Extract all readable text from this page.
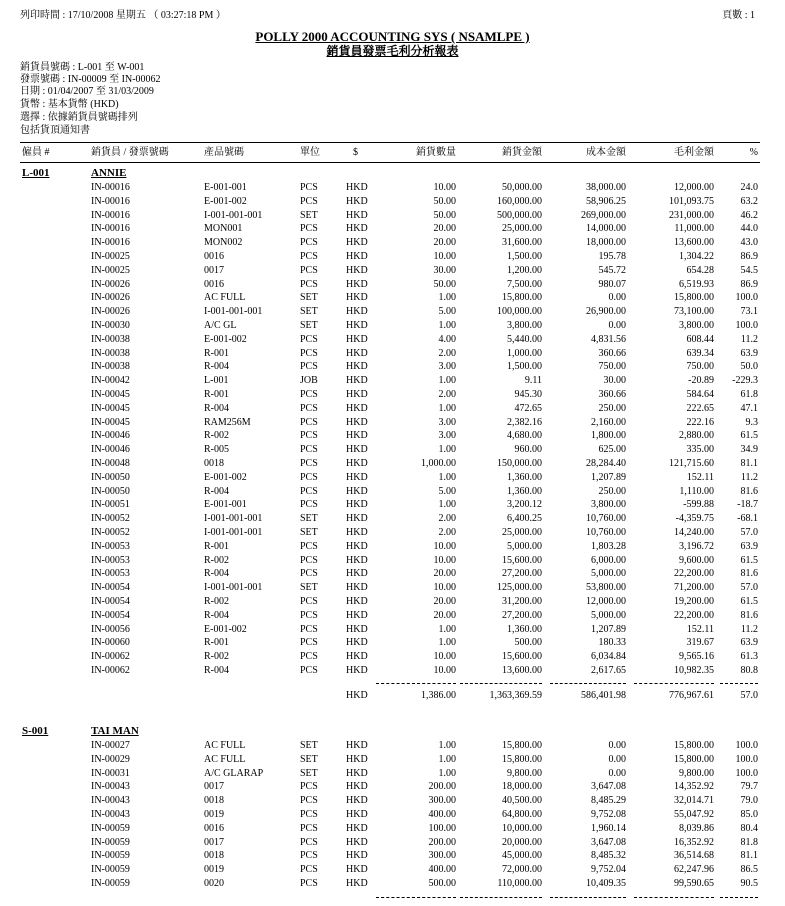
列印時間 : 17/10/2008 星期五 （ 03:27:18 PM ）	頁數 : 1
POLLY 2000 ACCOUNTING SYS ( NSAMLPE )
銷貨員發票毛利分析報表
銷貨員號碼 : L-001 至 W-001
發票號碼 : IN-00009 至 IN-00062
日期 : 01/04/2007 至 31/03/2009
貨幣 : 基本貨幣 (HKD)
選擇 : 依據銷貨員號碼排列
包括貨頂通知書
僱員 #	銷貨員 / 發票號碼	產品號碼	單位	$	銷貨數量	銷貨金額	成本金額	毛利金額	%
L-001	ANNIE
IN-00016	E-001-001	PCS	HKD	10.00	50,000.00	38,000.00	12,000.00	24.0
IN-00016	E-001-002	PCS	HKD	50.00	160,000.00	58,906.25	101,093.75	63.2
IN-00016	I-001-001-001	SET	HKD	50.00	500,000.00	269,000.00	231,000.00	46.2
IN-00016	MON001	PCS	HKD	20.00	25,000.00	14,000.00	11,000.00	44.0
IN-00016	MON002	PCS	HKD	20.00	31,600.00	18,000.00	13,600.00	43.0
IN-00025	0016	PCS	HKD	10.00	1,500.00	195.78	1,304.22	86.9
IN-00025	0017	PCS	HKD	30.00	1,200.00	545.72	654.28	54.5
IN-00026	0016	PCS	HKD	50.00	7,500.00	980.07	6,519.93	86.9
IN-00026	AC FULL	SET	HKD	1.00	15,800.00	0.00	15,800.00	100.0
IN-00026	I-001-001-001	SET	HKD	5.00	100,000.00	26,900.00	73,100.00	73.1
IN-00030	A/C GL	SET	HKD	1.00	3,800.00	0.00	3,800.00	100.0
IN-00038	E-001-002	PCS	HKD	4.00	5,440.00	4,831.56	608.44	11.2
IN-00038	R-001	PCS	HKD	2.00	1,000.00	360.66	639.34	63.9
IN-00038	R-004	PCS	HKD	3.00	1,500.00	750.00	750.00	50.0
IN-00042	L-001	JOB	HKD	1.00	9.11	30.00	-20.89	-229.3
IN-00045	R-001	PCS	HKD	2.00	945.30	360.66	584.64	61.8
IN-00045	R-004	PCS	HKD	1.00	472.65	250.00	222.65	47.1
IN-00045	RAM256M	PCS	HKD	3.00	2,382.16	2,160.00	222.16	9.3
IN-00046	R-002	PCS	HKD	3.00	4,680.00	1,800.00	2,880.00	61.5
IN-00046	R-005	PCS	HKD	1.00	960.00	625.00	335.00	34.9
IN-00048	0018	PCS	HKD	1,000.00	150,000.00	28,284.40	121,715.60	81.1
IN-00050	E-001-002	PCS	HKD	1.00	1,360.00	1,207.89	152.11	11.2
IN-00050	R-004	PCS	HKD	5.00	1,360.00	250.00	1,110.00	81.6
IN-00051	E-001-001	PCS	HKD	1.00	3,200.12	3,800.00	-599.88	-18.7
IN-00052	I-001-001-001	SET	HKD	2.00	6,400.25	10,760.00	-4,359.75	-68.1
IN-00052	I-001-001-001	SET	HKD	2.00	25,000.00	10,760.00	14,240.00	57.0
IN-00053	R-001	PCS	HKD	10.00	5,000.00	1,803.28	3,196.72	63.9
IN-00053	R-002	PCS	HKD	10.00	15,600.00	6,000.00	9,600.00	61.5
IN-00053	R-004	PCS	HKD	20.00	27,200.00	5,000.00	22,200.00	81.6
IN-00054	I-001-001-001	SET	HKD	10.00	125,000.00	53,800.00	71,200.00	57.0
IN-00054	R-002	PCS	HKD	20.00	31,200.00	12,000.00	19,200.00	61.5
IN-00054	R-004	PCS	HKD	20.00	27,200.00	5,000.00	22,200.00	81.6
IN-00056	E-001-002	PCS	HKD	1.00	1,360.00	1,207.89	152.11	11.2
IN-00060	R-001	PCS	HKD	1.00	500.00	180.33	319.67	63.9
IN-00062	R-002	PCS	HKD	10.00	15,600.00	6,034.84	9,565.16	61.3
IN-00062	R-004	PCS	HKD	10.00	13,600.00	2,617.65	10,982.35	80.8
HKD	1,386.00	1,363,369.59	586,401.98	776,967.61	57.0
S-001	TAI MAN
IN-00027	AC FULL	SET	HKD	1.00	15,800.00	0.00	15,800.00	100.0
IN-00029	AC FULL	SET	HKD	1.00	15,800.00	0.00	15,800.00	100.0
IN-00031	A/C GLARAP	SET	HKD	1.00	9,800.00	0.00	9,800.00	100.0
IN-00043	0017	PCS	HKD	200.00	18,000.00	3,647.08	14,352.92	79.7
IN-00043	0018	PCS	HKD	300.00	40,500.00	8,485.29	32,014.71	79.0
IN-00043	0019	PCS	HKD	400.00	64,800.00	9,752.08	55,047.92	85.0
IN-00059	0016	PCS	HKD	100.00	10,000.00	1,960.14	8,039.86	80.4
IN-00059	0017	PCS	HKD	200.00	20,000.00	3,647.08	16,352.92	81.8
IN-00059	0018	PCS	HKD	300.00	45,000.00	8,485.32	36,514.68	81.1
IN-00059	0019	PCS	HKD	400.00	72,000.00	9,752.04	62,247.96	86.5
IN-00059	0020	PCS	HKD	500.00	110,000.00	10,409.35	99,590.65	90.5
